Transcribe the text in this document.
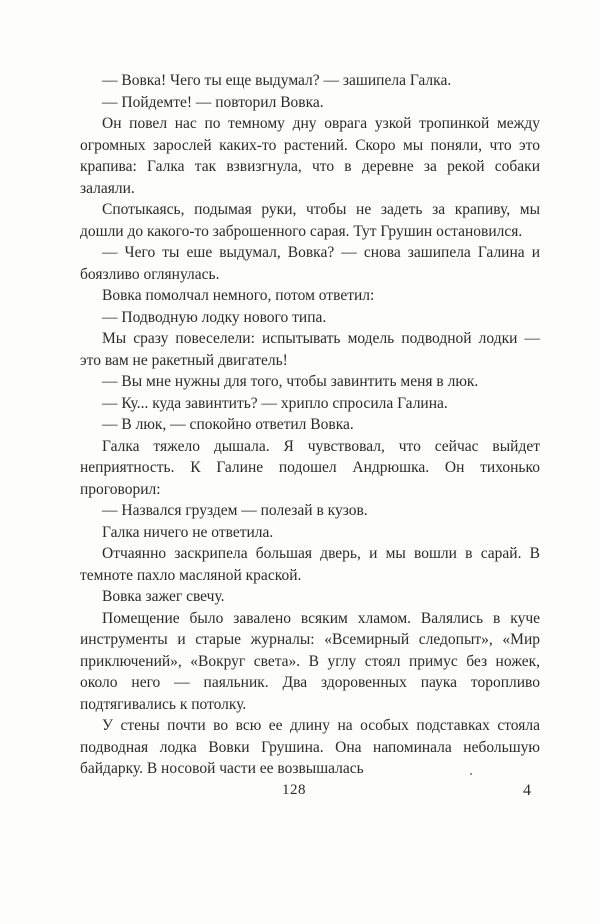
— Вовка! Чего ты еще выдумал? — зашипела Галка.

— Пойдемте! — повторил Вовка.

Он повел нас по темному дну оврага узкой тропинкой между огромных зарослей каких-то растений. Скоро мы поняли, что это крапива: Галка так взвизгнула, что в деревне за рекой собаки залаяли.

Спотыкаясь, подымая руки, чтобы не задеть за крапиву, мы дошли до какого-то заброшенного сарая. Тут Грушин остановился.

— Чего ты еше выдумал, Вовка? — снова зашипела Галина и боязливо оглянулась.

Вовка помолчал немного, потом ответил:

— Подводную лодку нового типа.

Мы сразу повеселели: испытывать модель подводной лодки — это вам не ракетный двигатель!

— Вы мне нужны для того, чтобы завинтить меня в люк.

— Ку... куда завинтить? — хрипло спросила Галина.

— В люк, — спокойно ответил Вовка.

Галка тяжело дышала. Я чувствовал, что сейчас выйдет неприятность. К Галине подошел Андрюшка. Он тихонько проговорил:

— Назвался груздем — полезай в кузов.

Галка ничего не ответила.

Отчаянно заскрипела большая дверь, и мы вошли в сарай. В темноте пахло масляной краской.

Вовка зажег свечу.

Помещение было завалено всяким хламом. Валялись в куче инструменты и старые журналы: «Всемирный следопыт», «Мир приключений», «Вокруг света». В углу стоял примус без ножек, около него — паяльник. Два здоровенных паука торопливо подтягивались к потолку.

У стены почти во всю ее длину на особых подставках стояла подводная лодка Вовки Грушина. Она напоминала небольшую байдарку. В носовой части ее возвышалась

128	4
